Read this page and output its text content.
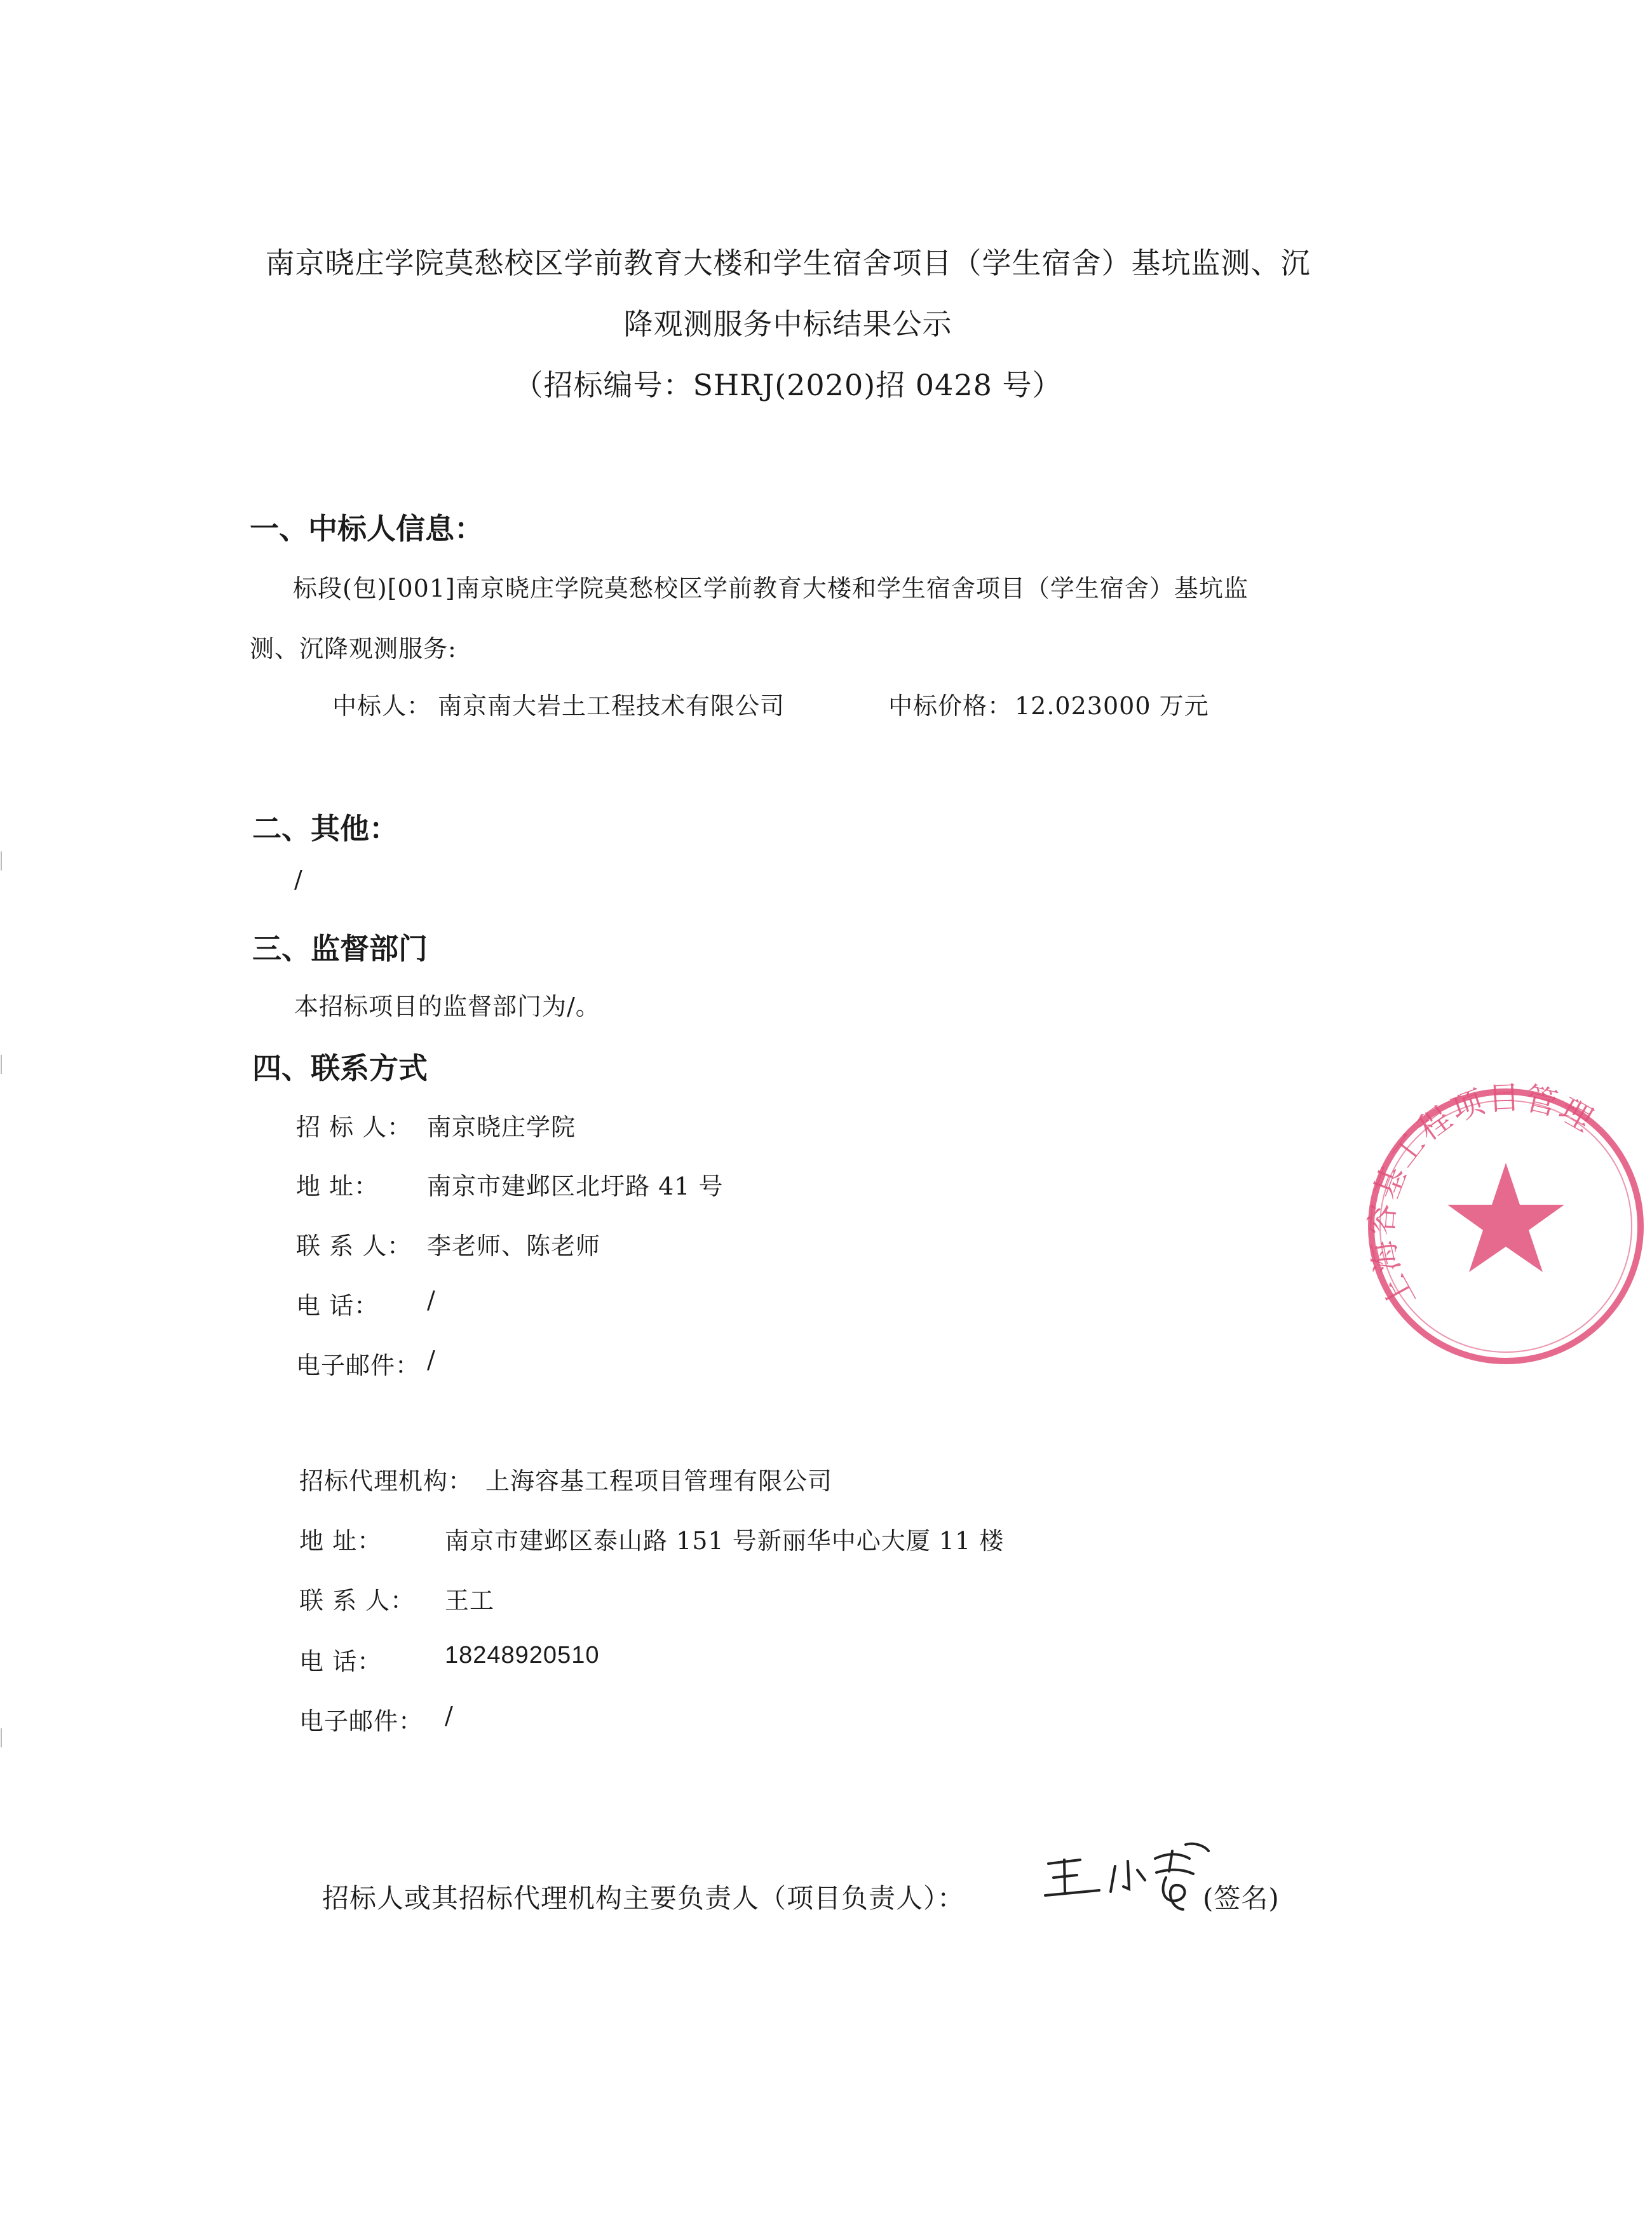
南京晓庄学院莫愁校区学前教育大楼和学生宿舍项目（学生宿舍）基坑监测、沉
降观测服务中标结果公示
（招标编号：SHRJ(2020)招 0428 号）
一、中标人信息：
标段(包)[001]南京晓庄学院莫愁校区学前教育大楼和学生宿舍项目（学生宿舍）基坑监
测、沉降观测服务:
中标人： 南京南大岩土工程技术有限公司	中标价格： 12.023000 万元
二、其他：
/
三、监督部门
本招标项目的监督部门为/。
四、联系方式
招 标 人： 南京晓庄学院
地 址： 南京市建邺区北圩路 41 号
联 系 人： 李老师、陈老师
电 话： /
电子邮件： /
招标代理机构： 上海容基工程项目管理有限公司
地 址：	南京市建邺区泰山路 151 号新丽华中心大厦 11 楼
联 系 人： 王工
电 话：	18248920510
电子邮件： /
招标人或其招标代理机构主要负责人（项目负责人）：	(签名)
上海容基工程项目管理
